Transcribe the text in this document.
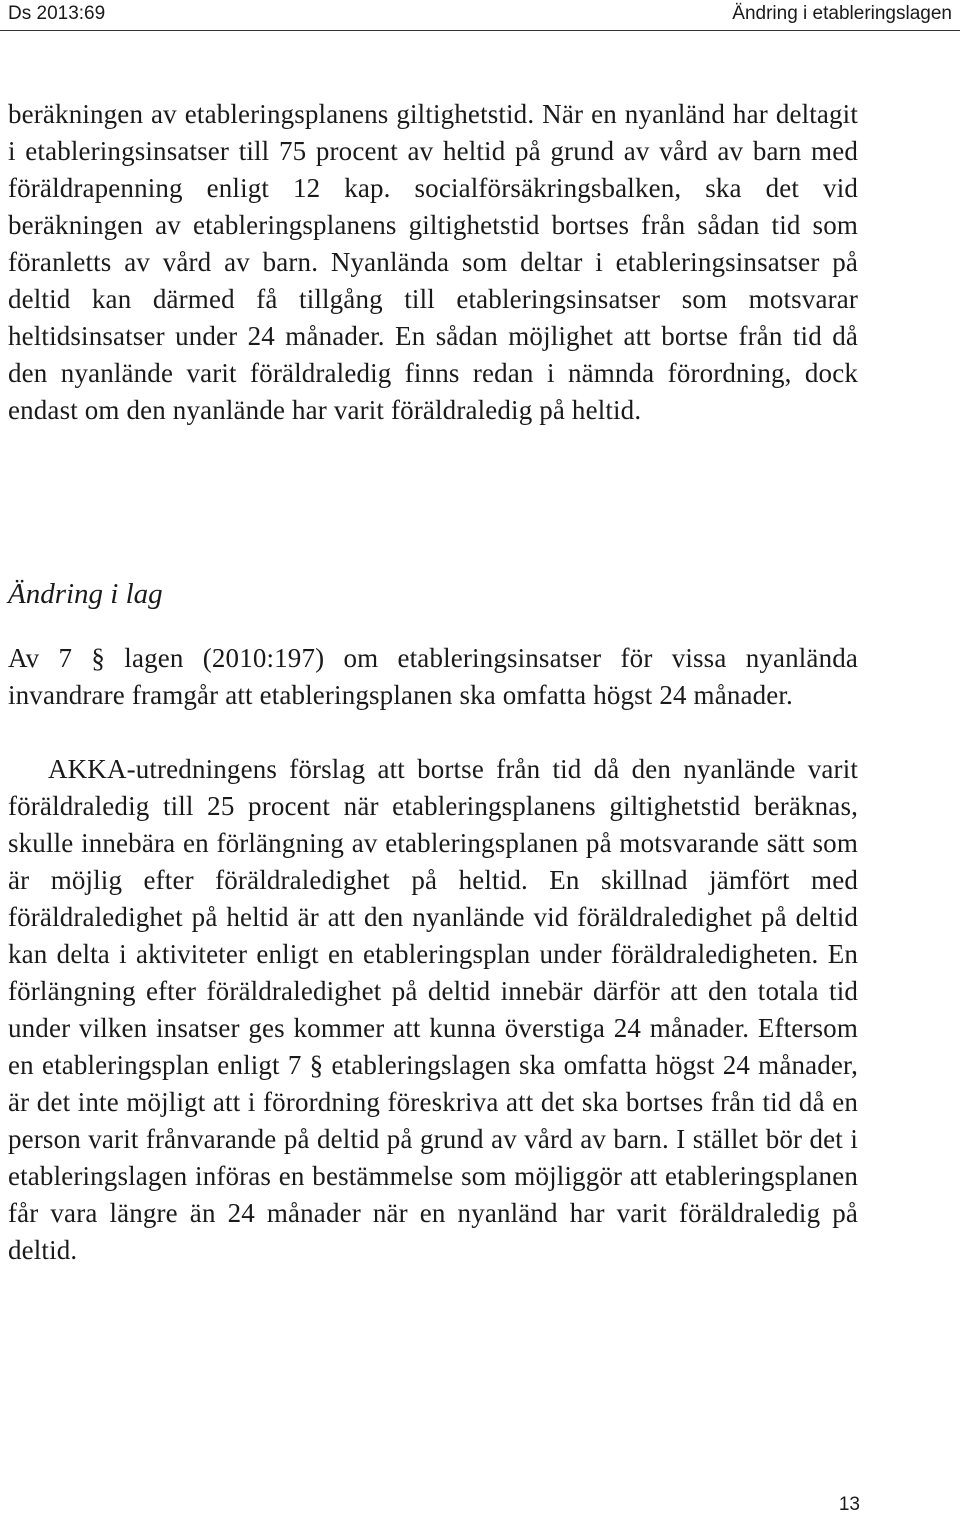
Ds 2013:69	Ändring i etableringslagen

beräkningen av etableringsplanens giltighetstid. När en nyanländ har deltagit i etableringsinsatser till 75 procent av heltid på grund av vård av barn med föräldrapenning enligt 12 kap. socialförsäkringsbalken, ska det vid beräkningen av etableringsplanens giltighetstid bortses från sådan tid som föranletts av vård av barn. Nyanlända som deltar i etableringsinsatser på deltid kan därmed få tillgång till etableringsinsatser som motsvarar heltidsinsatser under 24 månader. En sådan möjlighet att bortse från tid då den nyanlände varit föräldraledig finns redan i nämnda förordning, dock endast om den nyanlände har varit föräldraledig på heltid.

Ändring i lag

Av 7 § lagen (2010:197) om etableringsinsatser för vissa nyanlända invandrare framgår att etableringsplanen ska omfatta högst 24 månader.

AKKA-utredningens förslag att bortse från tid då den nyanlände varit föräldraledig till 25 procent när etableringsplanens giltighetstid beräknas, skulle innebära en förlängning av etableringsplanen på motsvarande sätt som är möjlig efter föräldraledighet på heltid. En skillnad jämfört med föräldraledighet på heltid är att den nyanlände vid föräldraledighet på deltid kan delta i aktiviteter enligt en etableringsplan under föräldraledigheten. En förlängning efter föräldraledighet på deltid innebär därför att den totala tid under vilken insatser ges kommer att kunna överstiga 24 månader. Eftersom en etableringsplan enligt 7 § etableringslagen ska omfatta högst 24 månader, är det inte möjligt att i förordning föreskriva att det ska bortses från tid då en person varit frånvarande på deltid på grund av vård av barn. I stället bör det i etableringslagen införas en bestämmelse som möjliggör att etableringsplanen får vara längre än 24 månader när en nyanländ har varit föräldraledig på deltid.

13
